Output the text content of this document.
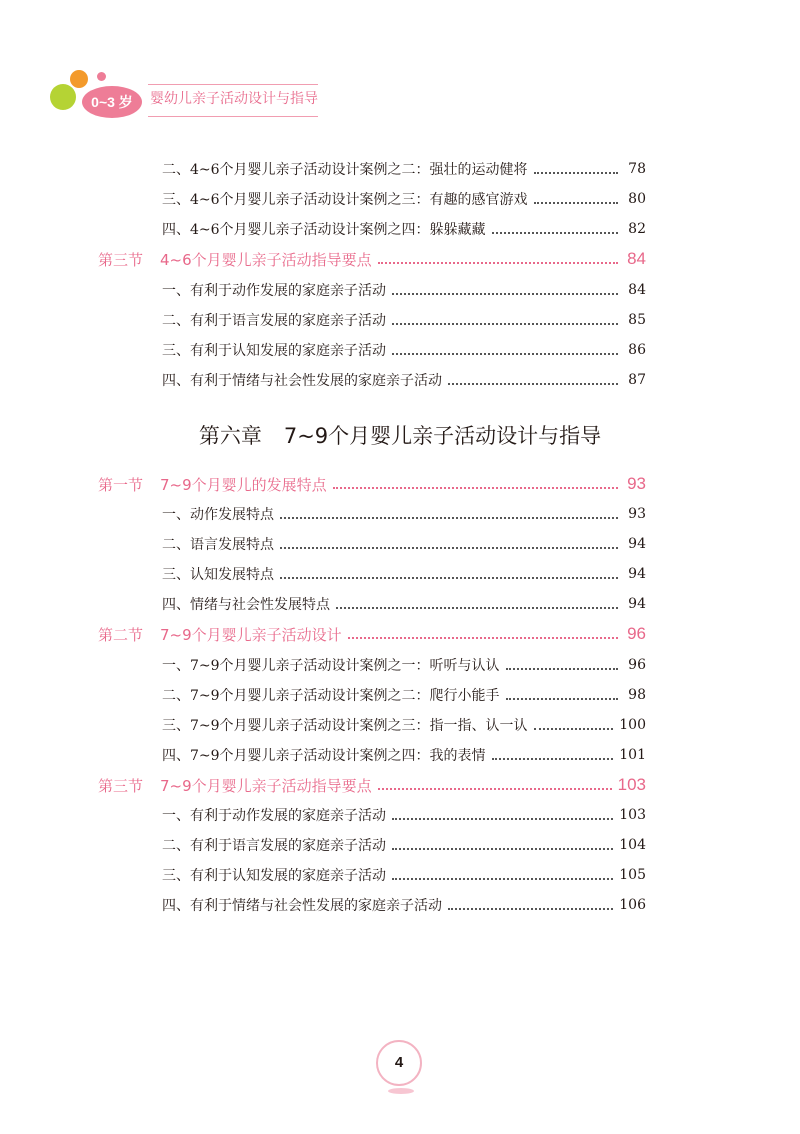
0~3 岁	婴幼儿亲子活动设计与指导
二、4~6个月婴儿亲子活动设计案例之二：强壮的运动健将	78
三、4~6个月婴儿亲子活动设计案例之三：有趣的感官游戏	80
四、4~6个月婴儿亲子活动设计案例之四：躲躲藏藏	82
第三节	4~6个月婴儿亲子活动指导要点	84
一、有利于动作发展的家庭亲子活动	84
二、有利于语言发展的家庭亲子活动	85
三、有利于认知发展的家庭亲子活动	86
四、有利于情绪与社会性发展的家庭亲子活动	87
第六章 7~9个月婴儿亲子活动设计与指导
第一节	7~9个月婴儿的发展特点	93
一、动作发展特点	93
二、语言发展特点	94
三、认知发展特点	94
四、情绪与社会性发展特点	94
第二节	7~9个月婴儿亲子活动设计	96
一、7~9个月婴儿亲子活动设计案例之一：听听与认认	96
二、7~9个月婴儿亲子活动设计案例之二：爬行小能手	98
三、7~9个月婴儿亲子活动设计案例之三：指一指、认一认	100
四、7~9个月婴儿亲子活动设计案例之四：我的表情	101
第三节	7~9个月婴儿亲子活动指导要点	103
一、有利于动作发展的家庭亲子活动	103
二、有利于语言发展的家庭亲子活动	104
三、有利于认知发展的家庭亲子活动	105
四、有利于情绪与社会性发展的家庭亲子活动	106
4
